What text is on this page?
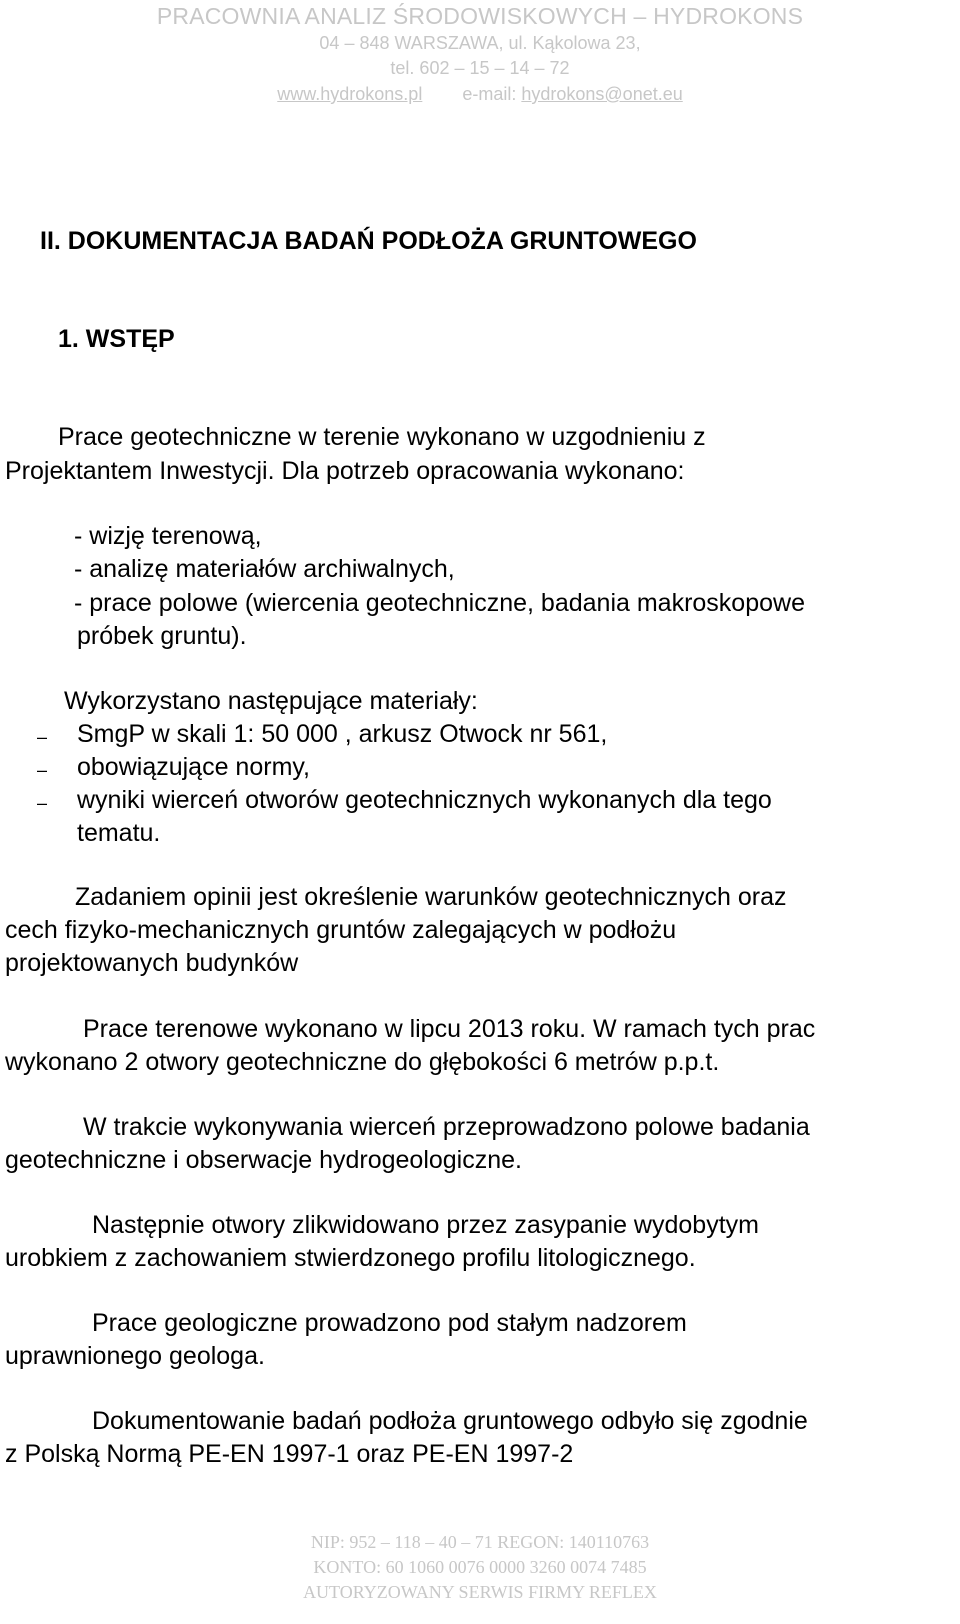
PRACOWNIA ANALIZ ŚRODOWISKOWYCH – HYDROKONS
04 – 848 WARSZAWA, ul. Kąkolowa 23,
tel. 602 – 15 – 14 – 72
www.hydrokons.pl e-mail: hydrokons@onet.eu
II. DOKUMENTACJA BADAŃ PODŁOŻA GRUNTOWEGO
1. WSTĘP
Prace geotechniczne w terenie wykonano w uzgodnieniu z
Projektantem Inwestycji. Dla potrzeb opracowania wykonano:
- wizję terenową,
- analizę materiałów archiwalnych,
- prace polowe (wiercenia geotechniczne, badania makroskopowe
próbek gruntu).
Wykorzystano następujące materiały:
– SmgP w skali 1: 50 000 , arkusz Otwock nr 561,
– obowiązujące normy,
– wyniki wierceń otworów geotechnicznych wykonanych dla tego
tematu.
Zadaniem opinii jest określenie warunków geotechnicznych oraz
cech fizyko-mechanicznych gruntów zalegających w podłożu
projektowanych budynków
Prace terenowe wykonano w lipcu 2013 roku. W ramach tych prac
wykonano 2 otwory geotechniczne do głębokości 6 metrów p.p.t.
W trakcie wykonywania wierceń przeprowadzono polowe badania
geotechniczne i obserwacje hydrogeologiczne.
Następnie otwory zlikwidowano przez zasypanie wydobytym
urobkiem z zachowaniem stwierdzonego profilu litologicznego.
Prace geologiczne prowadzono pod stałym nadzorem
uprawnionego geologa.
Dokumentowanie badań podłoża gruntowego odbyło się zgodnie
z Polską Normą PE-EN 1997-1 oraz PE-EN 1997-2
NIP: 952 – 118 – 40 – 71 REGON: 140110763
KONTO: 60 1060 0076 0000 3260 0074 7485
AUTORYZOWANY SERWIS FIRMY REFLEX
